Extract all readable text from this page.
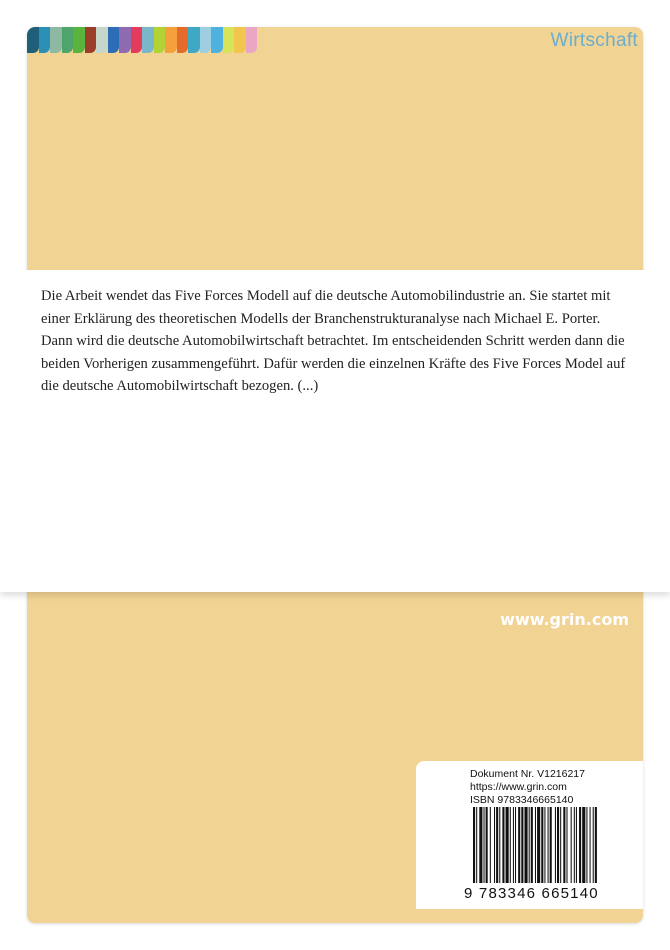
Wirtschaft

Die Arbeit wendet das Five Forces Modell auf die deutsche Automobilindustrie an. Sie startet mit einer Erklärung des theoretischen Modells der Branchenstrukturanalyse nach Michael E. Porter. Dann wird die deutsche Automobilwirtschaft betrachtet. Im entscheidenden Schritt werden dann die beiden Vorherigen zusammengeführt. Dafür werden die einzelnen Kräfte des Five Forces Model auf die deutsche Automobilwirtschaft bezogen. (...)

www.grin.com
Dokument Nr. V1216217
https://www.grin.com
ISBN 9783346665140
9 783346 665140
